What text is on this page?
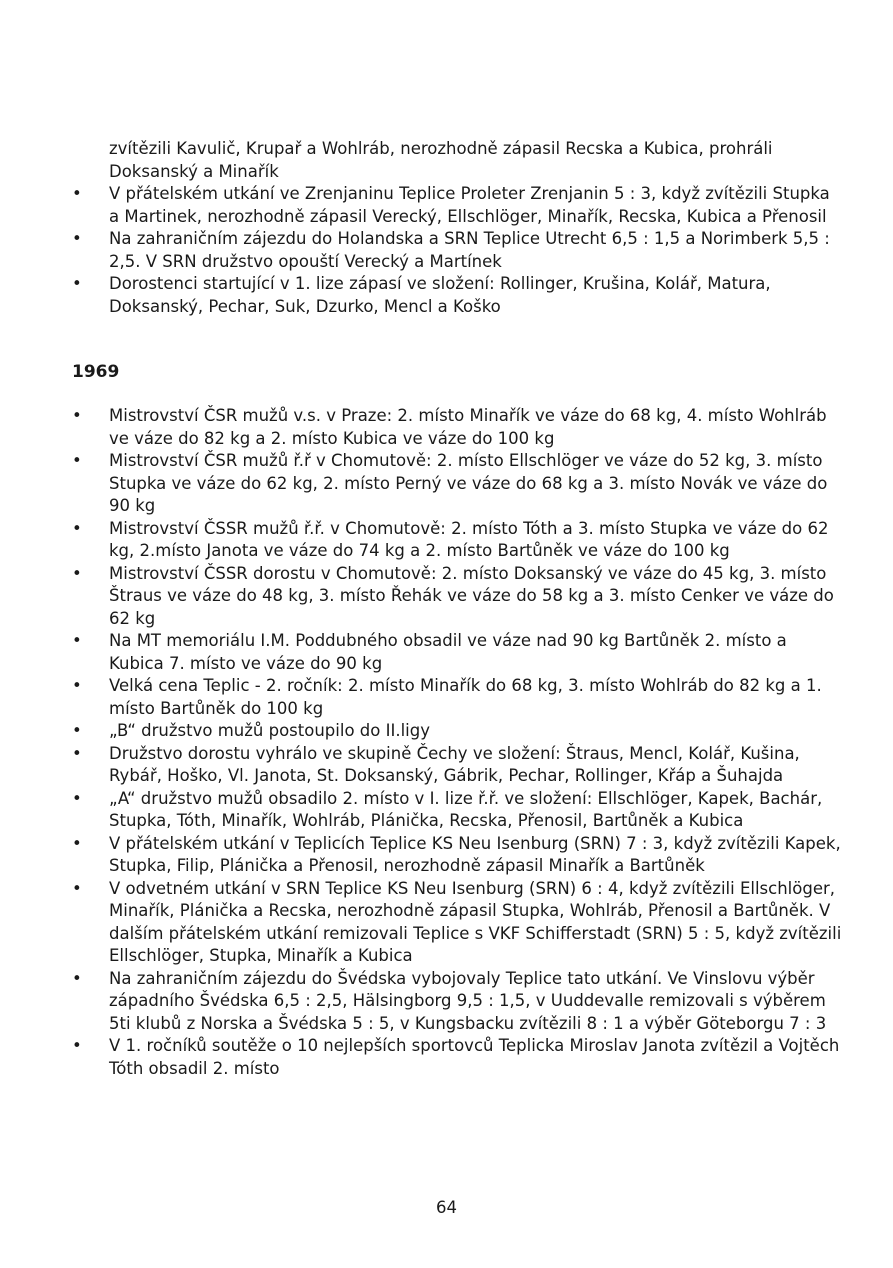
zvítězili Kavulič, Krupař a Wohlráb, nerozhodně zápasil Recska a Kubica, prohráli Doksanský a Minařík
• V přátelském utkání ve Zrenjaninu Teplice Proleter Zrenjanin 5 : 3, když zvítězili Stupka a Martinek, nerozhodně zápasil Verecký, Ellschlöger, Minařík, Recska, Kubica a Přenosil
• Na zahraničním zájezdu do Holandska a SRN Teplice Utrecht 6,5 : 1,5 a Norimberk 5,5 : 2,5. V SRN družstvo opouští Verecký a Martínek
• Dorostenci startující v 1. lize zápasí ve složení: Rollinger, Krušina, Kolář, Matura, Doksanský, Pechar, Suk, Dzurko, Mencl a Koško
1969
• Mistrovství ČSR mužů v.s. v Praze: 2. místo Minařík ve váze do 68 kg, 4. místo Wohlráb ve váze do 82 kg a 2. místo Kubica ve váze do 100 kg
• Mistrovství ČSR mužů ř.ř v Chomutově: 2. místo Ellschlöger ve váze do 52 kg, 3. místo Stupka ve váze do 62 kg, 2. místo Perný ve váze do 68 kg a 3. místo Novák ve váze do 90 kg
• Mistrovství ČSSR mužů ř.ř. v Chomutově: 2. místo Tóth a 3. místo Stupka ve váze do 62 kg, 2.místo Janota ve váze do 74 kg a 2. místo Bartůněk ve váze do 100 kg
• Mistrovství ČSSR dorostu v Chomutově: 2. místo Doksanský ve váze do 45 kg, 3. místo Štraus ve váze do 48 kg, 3. místo Řehák ve váze do 58 kg a 3. místo Cenker ve váze do 62 kg
• Na MT memoriálu I.M. Poddubného obsadil ve váze nad 90 kg Bartůněk 2. místo a Kubica 7. místo ve váze do 90 kg
• Velká cena Teplic - 2. ročník: 2. místo Minařík do 68 kg, 3. místo Wohlráb do 82 kg a 1. místo Bartůněk do 100 kg
• „B“ družstvo mužů postoupilo do II.ligy
• Družstvo dorostu vyhrálo ve skupině Čechy ve složení: Štraus, Mencl, Kolář, Kušina, Rybář, Hoško, Vl. Janota, St. Doksanský, Gábrik, Pechar, Rollinger, Křáp a Šuhajda
• „A“ družstvo mužů obsadilo 2. místo v I. lize ř.ř. ve složení: Ellschlöger, Kapek, Bachár, Stupka, Tóth, Minařík, Wohlráb, Plánička, Recska, Přenosil, Bartůněk a Kubica
• V přátelském utkání v Teplicích Teplice KS Neu Isenburg (SRN) 7 : 3, když zvítězili Kapek, Stupka, Filip, Plánička a Přenosil, nerozhodně zápasil Minařík a Bartůněk
• V odvetném utkání v SRN Teplice KS Neu Isenburg (SRN) 6 : 4, když zvítězili Ellschlöger, Minařík, Plánička a Recska, nerozhodně zápasil Stupka, Wohlráb, Přenosil a Bartůněk. V dalším přátelském utkání remizovali Teplice s VKF Schifferstadt (SRN) 5 : 5, když zvítězili Ellschlöger, Stupka, Minařík a Kubica
• Na zahraničním zájezdu do Švédska vybojovaly Teplice tato utkání. Ve Vinslovu výběr západního Švédska 6,5 : 2,5, Hälsingborg 9,5 : 1,5, v Uuddevalle remizovali s výběrem 5ti klubů z Norska a Švédska 5 : 5, v Kungsbacku zvítězili 8 : 1 a výběr Göteborgu 7 : 3
• V 1. ročníků soutěže o 10 nejlepších sportovců Teplicka Miroslav Janota zvítězil a Vojtěch Tóth obsadil 2. místo
64
